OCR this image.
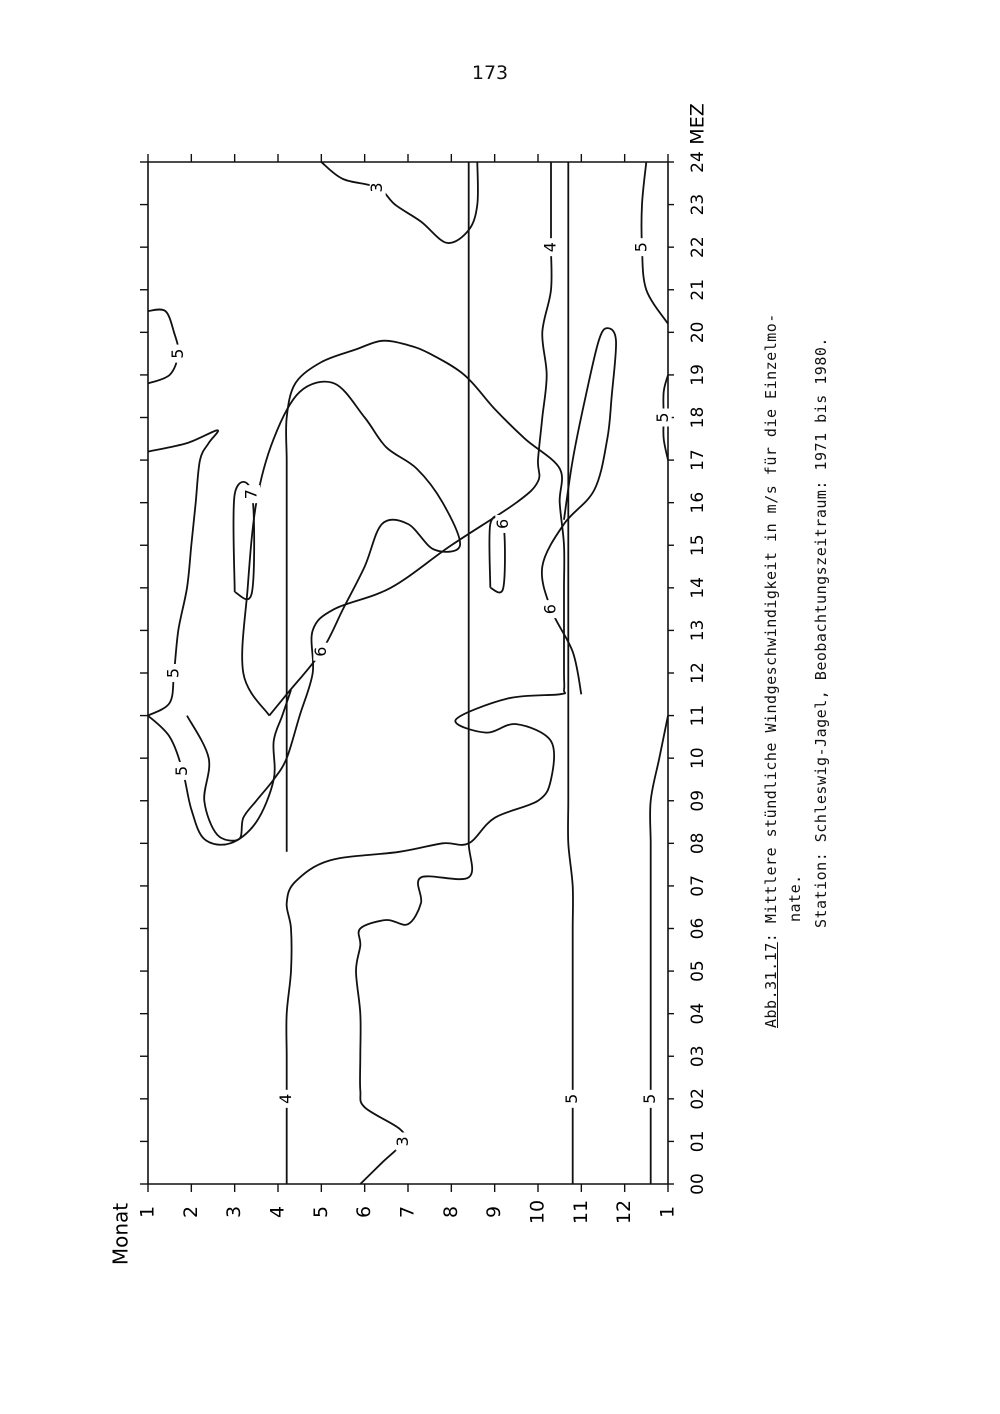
173
00
01
02
03
04
05
06
07
08
09
10
11
12
13
14
15
16
17
18
19
20
21
22
23
24
1 2 3 4 5 6 7 8 9 10 11 12 1
3
3
4
4
5	5
5
5
5
5
5
6
6
6
7
MEZ
Monat
Abb.31.17: Mittlere stündliche Windgeschwindigkeit in m/s für die Einzelmo- nate. Station: Schleswig-Jagel, Beobachtungszeitraum: 1971 bis 1980.
